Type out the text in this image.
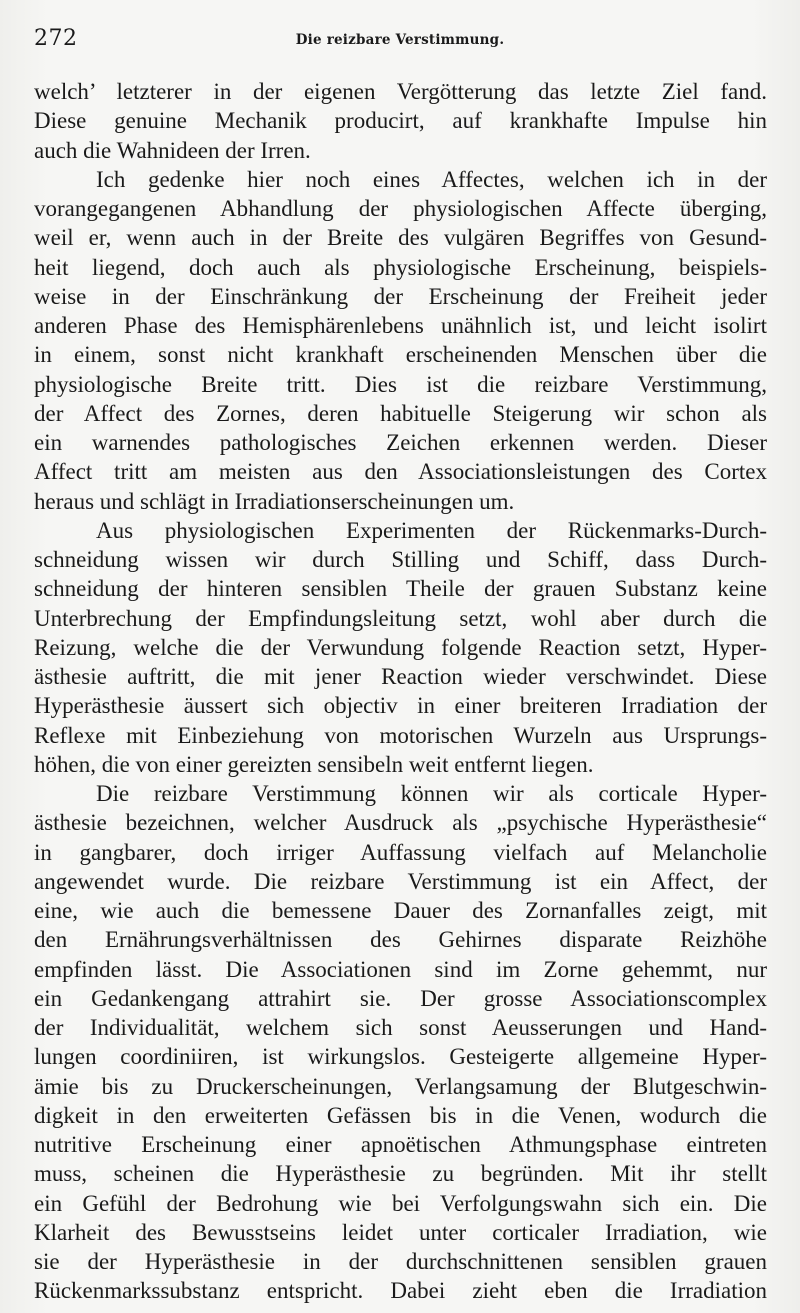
272	Die reizbare Verstimmung.
welch’ letzterer in der eigenen Vergötterung das letzte Ziel fand.
Diese genuine Mechanik producirt, auf krankhafte Impulse hin
auch die Wahnideen der Irren.
Ich gedenke hier noch eines Affectes, welchen ich in der
vorangegangenen Abhandlung der physiologischen Affecte überging,
weil er, wenn auch in der Breite des vulgären Begriffes von Gesund-
heit liegend, doch auch als physiologische Erscheinung, beispiels-
weise in der Einschränkung der Erscheinung der Freiheit jeder
anderen Phase des Hemisphärenlebens unähnlich ist, und leicht isolirt
in einem, sonst nicht krankhaft erscheinenden Menschen über die
physiologische Breite tritt. Dies ist die reizbare Verstimmung,
der Affect des Zornes, deren habituelle Steigerung wir schon als
ein warnendes pathologisches Zeichen erkennen werden. Dieser
Affect tritt am meisten aus den Associationsleistungen des Cortex
heraus und schlägt in Irradiationserscheinungen um.
Aus physiologischen Experimenten der Rückenmarks-Durch-
schneidung wissen wir durch Stilling und Schiff, dass Durch-
schneidung der hinteren sensiblen Theile der grauen Substanz keine
Unterbrechung der Empfindungsleitung setzt, wohl aber durch die
Reizung, welche die der Verwundung folgende Reaction setzt, Hyper-
ästhesie auftritt, die mit jener Reaction wieder verschwindet. Diese
Hyperästhesie äussert sich objectiv in einer breiteren Irradiation der
Reflexe mit Einbeziehung von motorischen Wurzeln aus Ursprungs-
höhen, die von einer gereizten sensibeln weit entfernt liegen.
Die reizbare Verstimmung können wir als corticale Hyper-
ästhesie bezeichnen, welcher Ausdruck als „psychische Hyperästhesie“
in gangbarer, doch irriger Auffassung vielfach auf Melancholie
angewendet wurde. Die reizbare Verstimmung ist ein Affect, der
eine, wie auch die bemessene Dauer des Zornanfalles zeigt, mit
den Ernährungsverhältnissen des Gehirnes disparate Reizhöhe
empfinden lässt. Die Associationen sind im Zorne gehemmt, nur
ein Gedankengang attrahirt sie. Der grosse Associationscomplex
der Individualität, welchem sich sonst Aeusserungen und Hand-
lungen coordiniiren, ist wirkungslos. Gesteigerte allgemeine Hyper-
ämie bis zu Druckerscheinungen, Verlangsamung der Blutgeschwin-
digkeit in den erweiterten Gefässen bis in die Venen, wodurch die
nutritive Erscheinung einer apnoëtischen Athmungsphase eintreten
muss, scheinen die Hyperästhesie zu begründen. Mit ihr stellt
ein Gefühl der Bedrohung wie bei Verfolgungswahn sich ein. Die
Klarheit des Bewusstseins leidet unter corticaler Irradiation, wie
sie der Hyperästhesie in der durchschnittenen sensiblen grauen
Rückenmarkssubstanz entspricht. Dabei zieht eben die Irradiation
